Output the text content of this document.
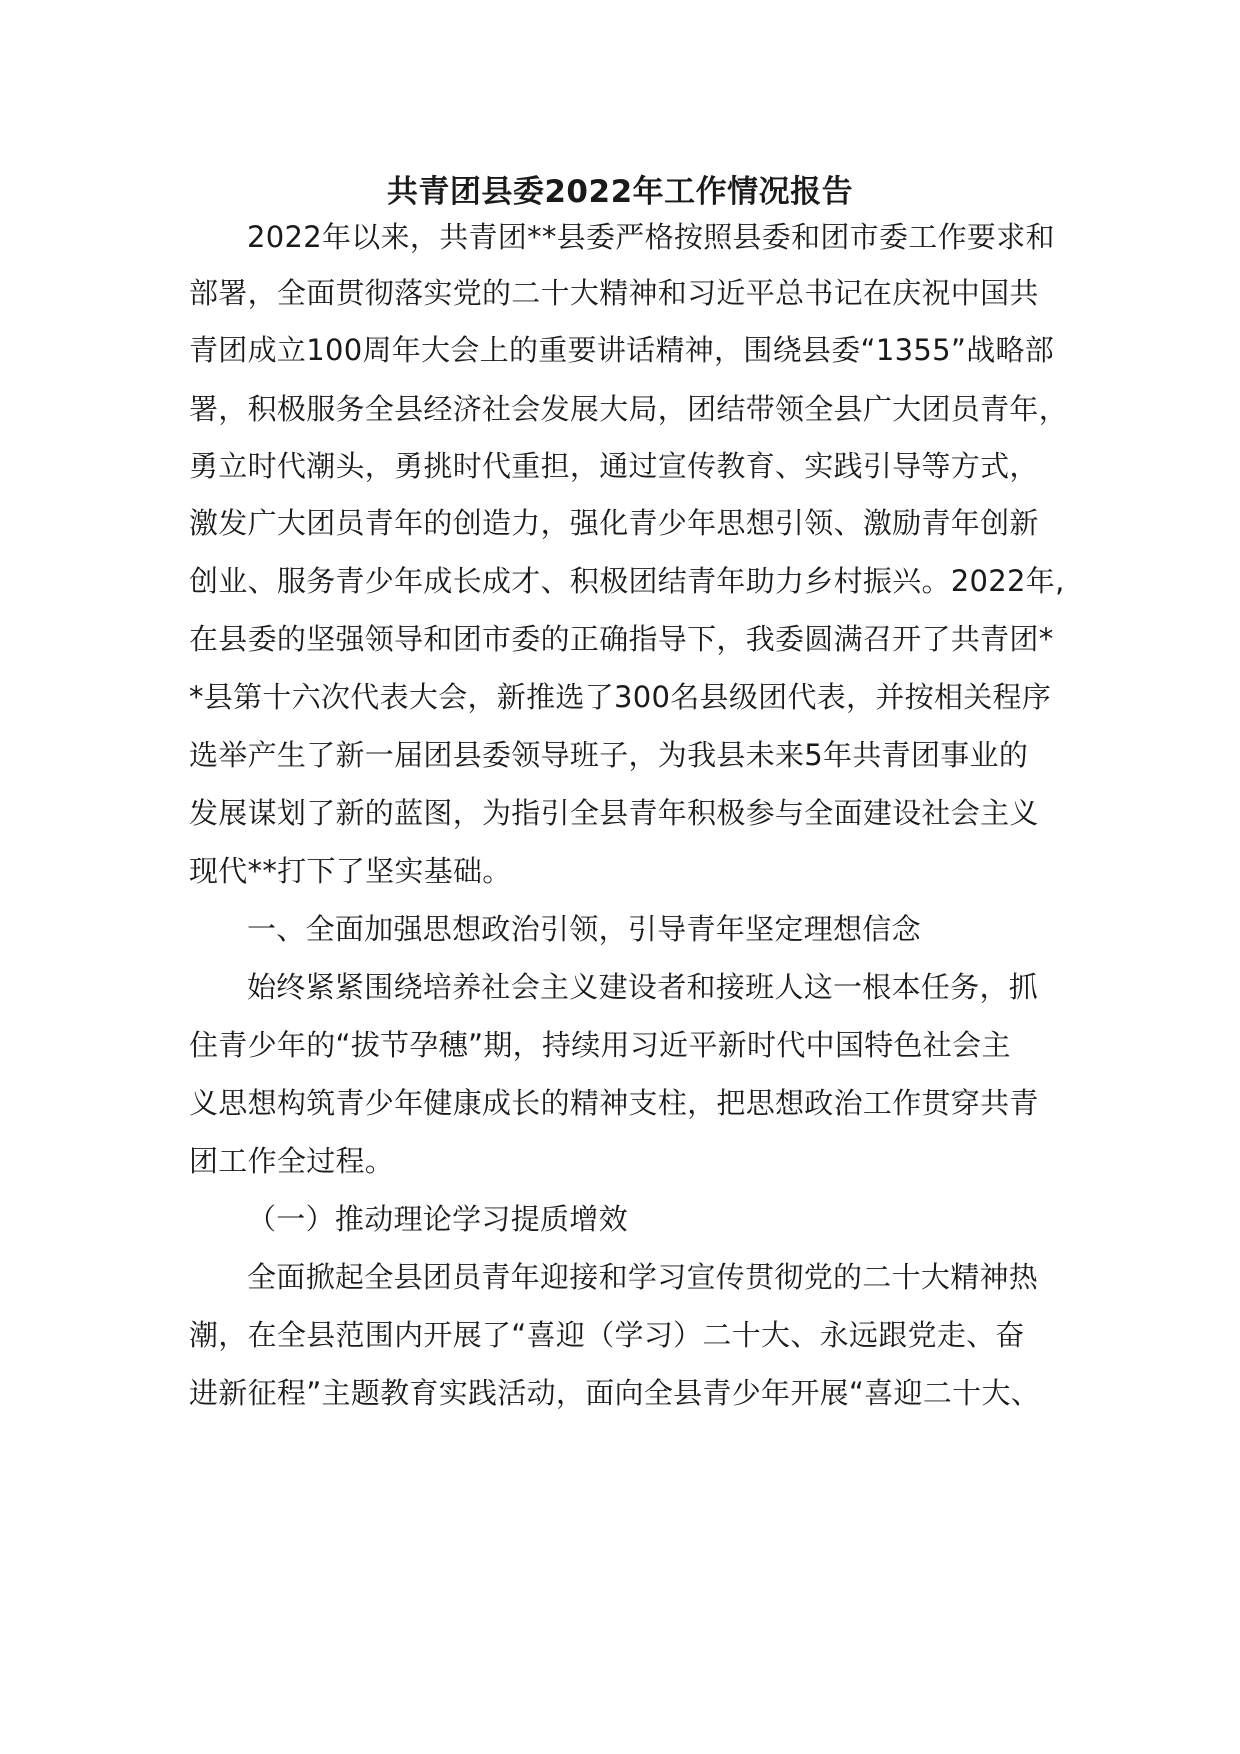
共青团县委2022年工作情况报告
2022年以来，共青团**县委严格按照县委和团市委工作要求和
部署，全面贯彻落实党的二十大精神和习近平总书记在庆祝中国共
青团成立100周年大会上的重要讲话精神，围绕县委“1355”战略部
署，积极服务全县经济社会发展大局，团结带领全县广大团员青年，
勇立时代潮头，勇挑时代重担，通过宣传教育、实践引导等方式，
激发广大团员青年的创造力，强化青少年思想引领、激励青年创新
创业、服务青少年成长成才、积极团结青年助力乡村振兴。2022年,
在县委的坚强领导和团市委的正确指导下，我委圆满召开了共青团*
*县第十六次代表大会，新推选了300名县级团代表，并按相关程序
选举产生了新一届团县委领导班子，为我县未来5年共青团事业的
发展谋划了新的蓝图，为指引全县青年积极参与全面建设社会主义
现代**打下了坚实基础。
一、全面加强思想政治引领，引导青年坚定理想信念
始终紧紧围绕培养社会主义建设者和接班人这一根本任务，抓
住青少年的“拔节孕穗”期，持续用习近平新时代中国特色社会主
义思想构筑青少年健康成长的精神支柱，把思想政治工作贯穿共青
团工作全过程。
（一）推动理论学习提质增效
全面掀起全县团员青年迎接和学习宣传贯彻党的二十大精神热
潮，在全县范围内开展了“喜迎（学习）二十大、永远跟党走、奋
进新征程”主题教育实践活动，面向全县青少年开展“喜迎二十大、
